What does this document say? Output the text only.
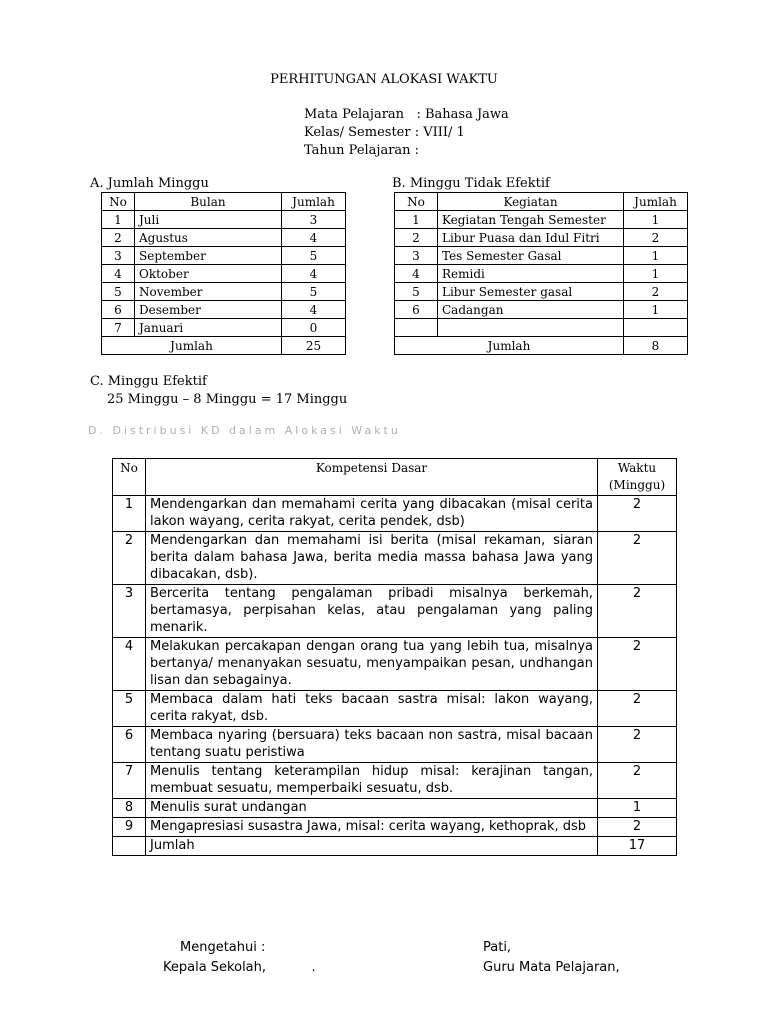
PERHITUNGAN ALOKASI WAKTU
Mata Pelajaran   : Bahasa Jawa
Kelas/ Semester : VIII/ 1
Tahun Pelajaran :
A. Jumlah Minggu	B. Minggu Tidak Efektif
No	Bulan	Jumlah
1	Juli	3
2	Agustus	4
3	September	5
4	Oktober	4
5	November	5
6	Desember	4
7	Januari	0
Jumlah		25
No	Kegiatan	Jumlah
1	Kegiatan Tengah Semester	1
2	Libur Puasa dan Idul Fitri	2
3	Tes Semester Gasal	1
4	Remidi	1
5	Libur Semester gasal	2
6	Cadangan	1

Jumlah		8
C. Minggu Efektif
25 Minggu – 8 Minggu = 17 Minggu
D. Distribusi KD dalam Alokasi Waktu
No	Kompetensi Dasar	Waktu
(Minggu)

1	Mendengarkan dan memahami cerita yang dibacakan (misal cerita lakon wayang, cerita rakyat, cerita pendek, dsb)	2
2	Mendengarkan dan memahami isi berita (misal rekaman, siaran berita dalam bahasa Jawa, berita media massa bahasa Jawa yang dibacakan, dsb).	2
3	Bercerita tentang pengalaman pribadi misalnya berkemah, bertamasya, perpisahan kelas, atau pengalaman yang paling menarik.	2
4	Melakukan percakapan dengan orang tua yang lebih tua, misalnya bertanya/ menanyakan sesuatu, menyampaikan pesan, undhangan lisan dan sebagainya.	2
5	Membaca dalam hati teks bacaan sastra misal: lakon wayang, cerita rakyat, dsb.	2
6	Membaca nyaring (bersuara) teks bacaan non sastra, misal bacaan tentang suatu peristiwa	2
7	Menulis tentang keterampilan hidup misal: kerajinan tangan, membuat sesuatu, memperbaiki sesuatu, dsb.	2
8	Menulis surat undangan	1
9	Mengapresiasi susastra Jawa, misal: cerita wayang, kethoprak, dsb	2
	Jumlah	17
Mengetahui :
Kepala Sekolah,           .
Pati,
Guru Mata Pelajaran,
